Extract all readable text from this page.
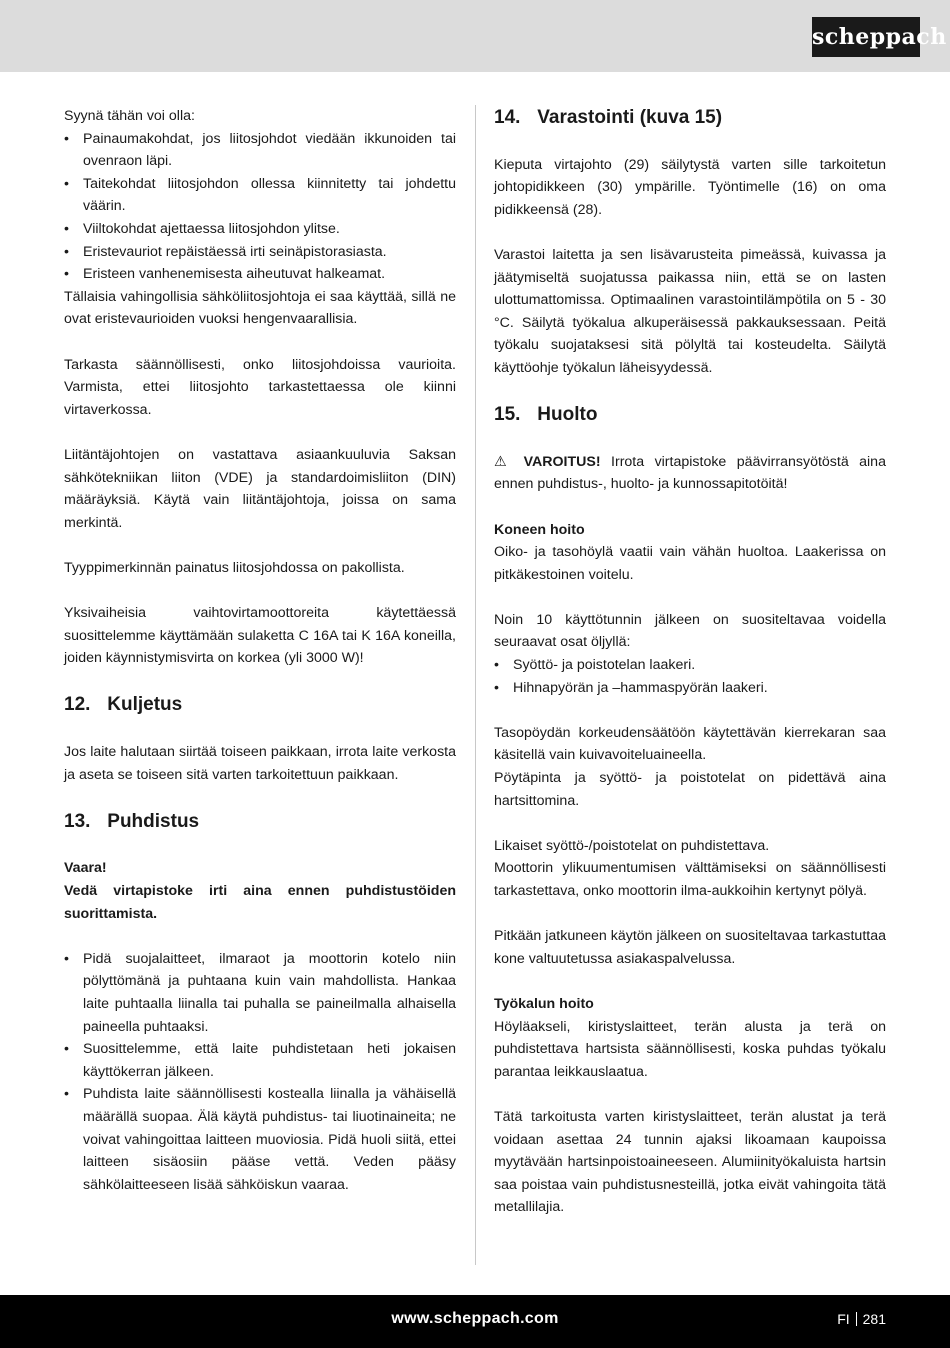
scheppach

Syynä tähän voi olla:

• Painaumakohdat, jos liitosjohdot viedään ikkunoiden tai ovenraon läpi.
• Taitekohdat liitosjohdon ollessa kiinnitetty tai johdettu väärin.
• Viiltokohdat ajettaessa liitosjohdon ylitse.
• Eristevauriot repäistäessä irti seinäpistorasiasta.
• Eristeen vanhenemisesta aiheutuvat halkeamat.

Tällaisia vahingollisia sähköliitosjohtoja ei saa käyttää, sillä ne ovat eristevaurioiden vuoksi hengenvaarallisia.

Tarkasta säännöllisesti, onko liitosjohdoissa vaurioita. Varmista, ettei liitosjohto tarkastettaessa ole kiinni virtaverkossa.

Liitäntäjohtojen on vastattava asiaankuuluvia Saksan sähkötekniikan liiton (VDE) ja standardoimisliiton (DIN) määräyksiä. Käytä vain liitäntäjohtoja, joissa on sama merkintä.

Tyyppimerkinnän painatus liitosjohdossa on pakollista.

Yksivaiheisia vaihtovirtamoottoreita käytettäessä suosittelemme käyttämään sulaketta C 16A tai K 16A koneilla, joiden käynnistymisvirta on korkea (yli 3000 W)!

12. Kuljetus

Jos laite halutaan siirtää toiseen paikkaan, irrota laite verkosta ja aseta se toiseen sitä varten tarkoitettuun paikkaan.

13. Puhdistus

Vaara!

Vedä virtapistoke irti aina ennen puhdistustöiden suorittamista.

• Pidä suojalaitteet, ilmaraot ja moottorin kotelo niin pölyttömänä ja puhtaana kuin vain mahdollista. Hankaa laite puhtaalla liinalla tai puhalla se paineilmalla alhaisella paineella puhtaaksi.
• Suosittelemme, että laite puhdistetaan heti jokaisen käyttökerran jälkeen.
• Puhdista laite säännöllisesti kostealla liinalla ja vähäisellä määrällä suopaa. Älä käytä puhdistus- tai liuotinaineita; ne voivat vahingoittaa laitteen muoviosia. Pidä huoli siitä, ettei laitteen sisäosiin pääse vettä. Veden pääsy sähkölaitteeseen lisää sähköiskun vaaraa.
14. Varastointi (kuva 15)

Kieputa virtajohto (29) säilytystä varten sille tarkoitetun johtopidikkeen (30) ympärille. Työntimelle (16) on oma pidikkeensä (28).

Varastoi laitetta ja sen lisävarusteita pimeässä, kuivassa ja jäätymiseltä suojatussa paikassa niin, että se on lasten ulottumattomissa. Optimaalinen varastointilämpötila on 5 - 30 °C. Säilytä työkalua alkuperäisessä pakkauksessaan. Peitä työkalu suojataksesi sitä pölyltä tai kosteudelta. Säilytä käyttöohje työkalun läheisyydessä.

15. Huolto

⚠ VAROITUS! Irrota virtapistoke päävirransyötöstä aina ennen puhdistus-, huolto- ja kunnossapitotöitä!

Koneen hoito

Oiko- ja tasohöylä vaatii vain vähän huoltoa. Laakerissa on pitkäkestoinen voitelu.

Noin 10 käyttötunnin jälkeen on suositeltavaa voidella seuraavat osat öljyllä:

• Syöttö- ja poistotelan laakeri.
• Hihnapyörän ja –hammaspyörän laakeri.

Tasopöydän korkeudensäätöön käytettävän kierrekaran saa käsitellä vain kuivavoiteluaineella.

Pöytäpinta ja syöttö- ja poistotelat on pidettävä aina hartsittomina.

Likaiset syöttö-/poistotelat on puhdistettava.

Moottorin ylikuumentumisen välttämiseksi on säännöllisesti tarkastettava, onko moottorin ilma-aukkoihin kertynyt pölyä.

Pitkään jatkuneen käytön jälkeen on suositeltavaa tarkastuttaa kone valtuutetussa asiakaspalvelussa.

Työkalun hoito

Höyläakseli, kiristyslaitteet, terän alusta ja terä on puhdistettava hartsista säännöllisesti, koska puhdas työkalu parantaa leikkauslaatua.

Tätä tarkoitusta varten kiristyslaitteet, terän alustat ja terä voidaan asettaa 24 tunnin ajaksi likoamaan kaupoissa myytävään hartsinpoistoaineeseen. Alumiinityökaluista hartsin saa poistaa vain puhdistusnesteillä, jotka eivät vahingoita tätä metallilajia.

www.scheppach.com	FI 281
